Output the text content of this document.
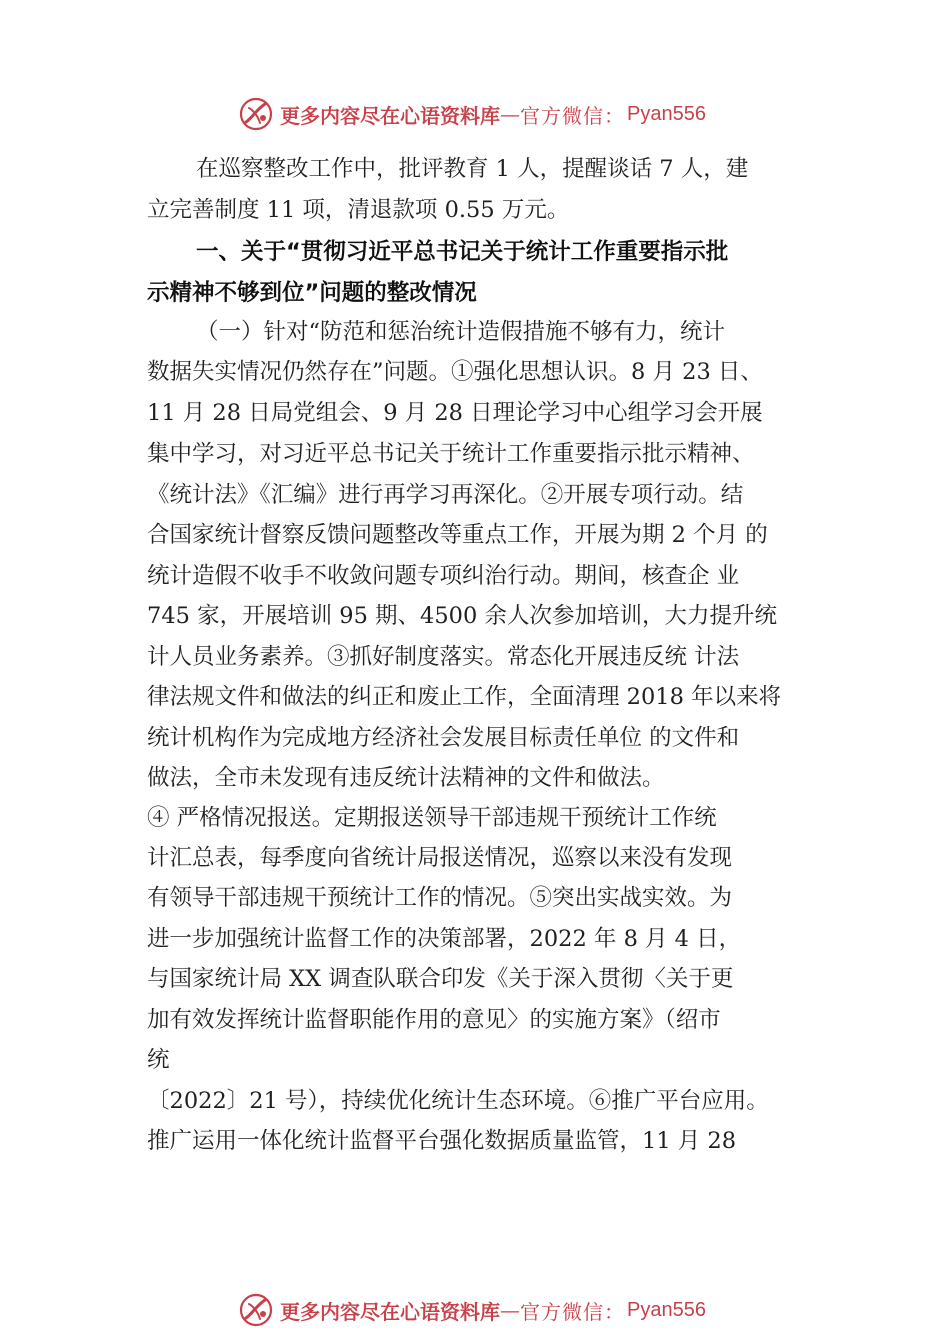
更多内容尽在心语资料库 — 官方微信： Pyan556
在巡察整改工作中，批评教育 1 人，提醒谈话 7 人，建
立完善制度 11 项，清退款项 0.55 万元。
一、关于“贯彻习近平总书记关于统计工作重要指示批
示精神不够到位”问题的整改情况
（一）针对“防范和惩治统计造假措施不够有力，统计
数据失实情况仍然存在”问题。①强化思想认识。8 月 23 日、
11 月 28 日局党组会、9 月 28 日理论学习中心组学习会开展
集中学习，对习近平总书记关于统计工作重要指示批示精神、
《统计法》《汇编》进行再学习再深化。②开展专项行动。结
合国家统计督察反馈问题整改等重点工作，开展为期 2 个月 的
统计造假不收手不收敛问题专项纠治行动。期间，核查企 业
745 家，开展培训 95 期、4500 余人次参加培训，大力提升统
计人员业务素养。③抓好制度落实。常态化开展违反统 计法
律法规文件和做法的纠正和废止工作，全面清理 2018 年以来将
统计机构作为完成地方经济社会发展目标责任单位 的文件和
做法，全市未发现有违反统计法精神的文件和做法。
④ 严格情况报送。定期报送领导干部违规干预统计工作统
计汇总表，每季度向省统计局报送情况，巡察以来没有发现
有领导干部违规干预统计工作的情况。⑤突出实战实效。为
进一步加强统计监督工作的决策部署，2022 年 8 月 4 日，
与国家统计局 XX 调查队联合印发《关于深入贯彻〈关于更
加有效发挥统计监督职能作用的意见〉的实施方案》（绍市
统
〔2022〕21 号），持续优化统计生态环境。⑥推广平台应用。
推广运用一体化统计监督平台强化数据质量监管，11 月 28
更多内容尽在心语资料库 — 官方微信： Pyan556
